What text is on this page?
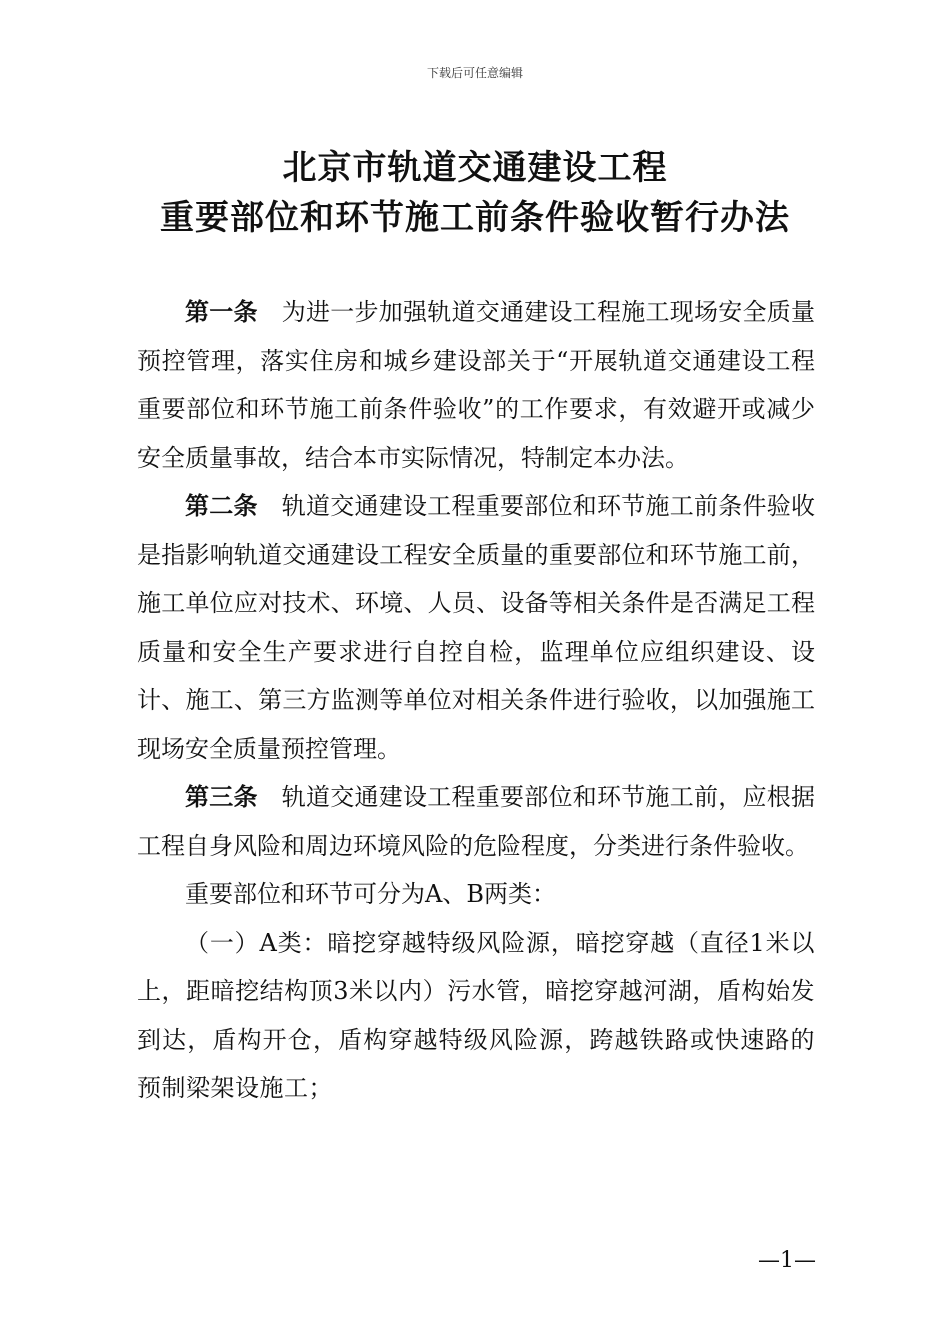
下载后可任意编辑
北京市轨道交通建设工程
重要部位和环节施工前条件验收暂行办法

第一条 为进一步加强轨道交通建设工程施工现场安全质量预控管理，落实住房和城乡建设部关于“开展轨道交通建设工程重要部位和环节施工前条件验收”的工作要求，有效避开或减少安全质量事故，结合本市实际情况，特制定本办法。

第二条 轨道交通建设工程重要部位和环节施工前条件验收是指影响轨道交通建设工程安全质量的重要部位和环节施工前，施工单位应对技术、环境、人员、设备等相关条件是否满足工程质量和安全生产要求进行自控自检，监理单位应组织建设、设计、施工、第三方监测等单位对相关条件进行验收，以加强施工现场安全质量预控管理。

第三条 轨道交通建设工程重要部位和环节施工前，应根据工程自身风险和周边环境风险的危险程度，分类进行条件验收。

重要部位和环节可分为A、B两类：

（一）A类：暗挖穿越特级风险源，暗挖穿越（直径1米以上，距暗挖结构顶3米以内）污水管，暗挖穿越河湖，盾构始发到达，盾构开仓，盾构穿越特级风险源，跨越铁路或快速路的预制梁架设施工；

—1—
